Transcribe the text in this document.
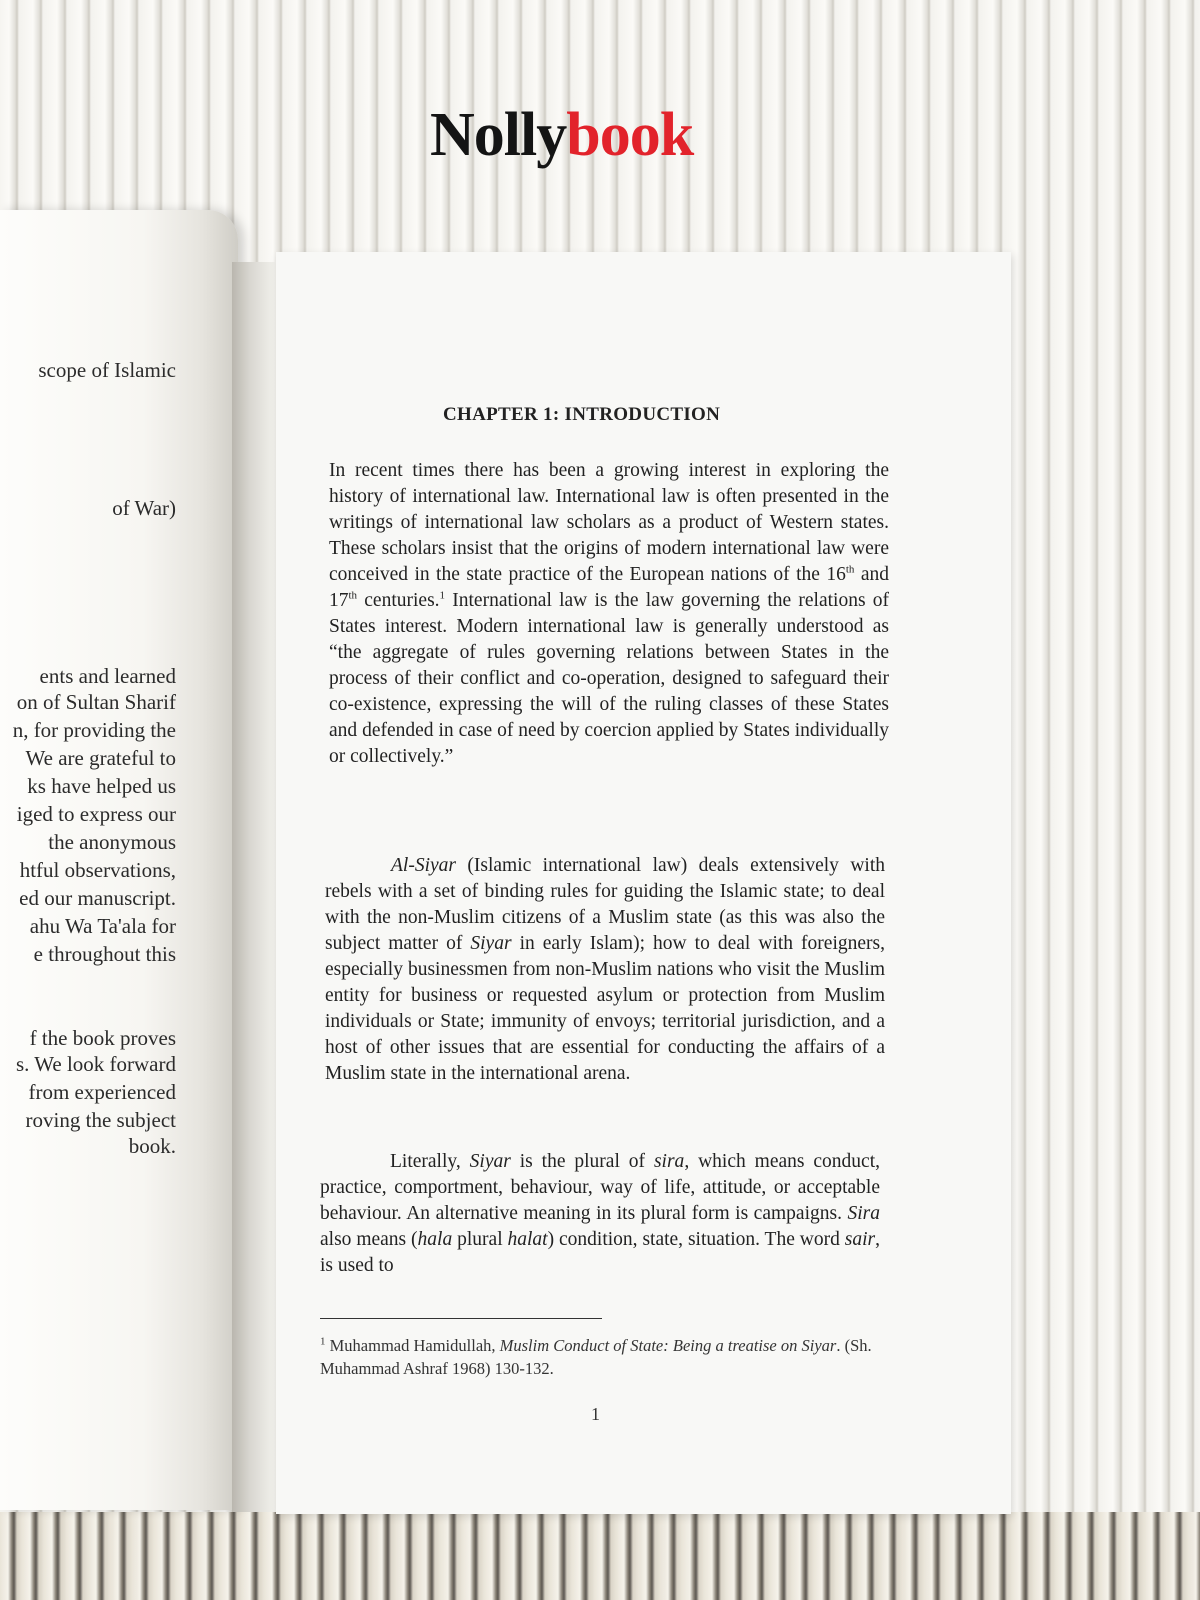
Nollybook
scope of Islamic
of War)
ents and learned
on of Sultan Sharif
n, for providing the
We are grateful to
ks have helped us
iged to express our
the anonymous
htful observations,
ed our manuscript.
ahu Wa Ta'ala for
e throughout this
f the book proves
s. We look forward
from experienced
roving the subject
book.
CHAPTER 1: INTRODUCTION
In recent times there has been a growing interest in exploring the history of international law. International law is often presented in the writings of international law scholars as a product of Western states. These scholars insist that the origins of modern international law were conceived in the state practice of the European nations of the 16th and 17th centuries.$^1$ International law is the law governing the relations of States interest. Modern international law is generally understood as “the aggregate of rules governing relations between States in the process of their conflict and co-operation, designed to safeguard their co-existence, expressing the will of the ruling classes of these States and defended in case of need by coercion applied by States individually or collectively.”
Al-Siyar (Islamic international law) deals extensively with rebels with a set of binding rules for guiding the Islamic state; to deal with the non-Muslim citizens of a Muslim state (as this was also the subject matter of Siyar in early Islam); how to deal with foreigners, especially businessmen from non-Muslim nations who visit the Muslim entity for business or requested asylum or protection from Muslim individuals or State; immunity of envoys; territorial jurisdiction, and a host of other issues that are essential for conducting the affairs of a Muslim state in the international arena.
Literally, Siyar is the plural of sira, which means conduct, practice, comportment, behaviour, way of life, attitude, or acceptable behaviour. An alternative meaning in its plural form is campaigns. Sira also means (hala plural halat) condition, state, situation. The word sair, is used to
$^1$ Muhammad Hamidullah, Muslim Conduct of State: Being a treatise on Siyar. (Sh. Muhammad Ashraf 1968) 130-132.
1
